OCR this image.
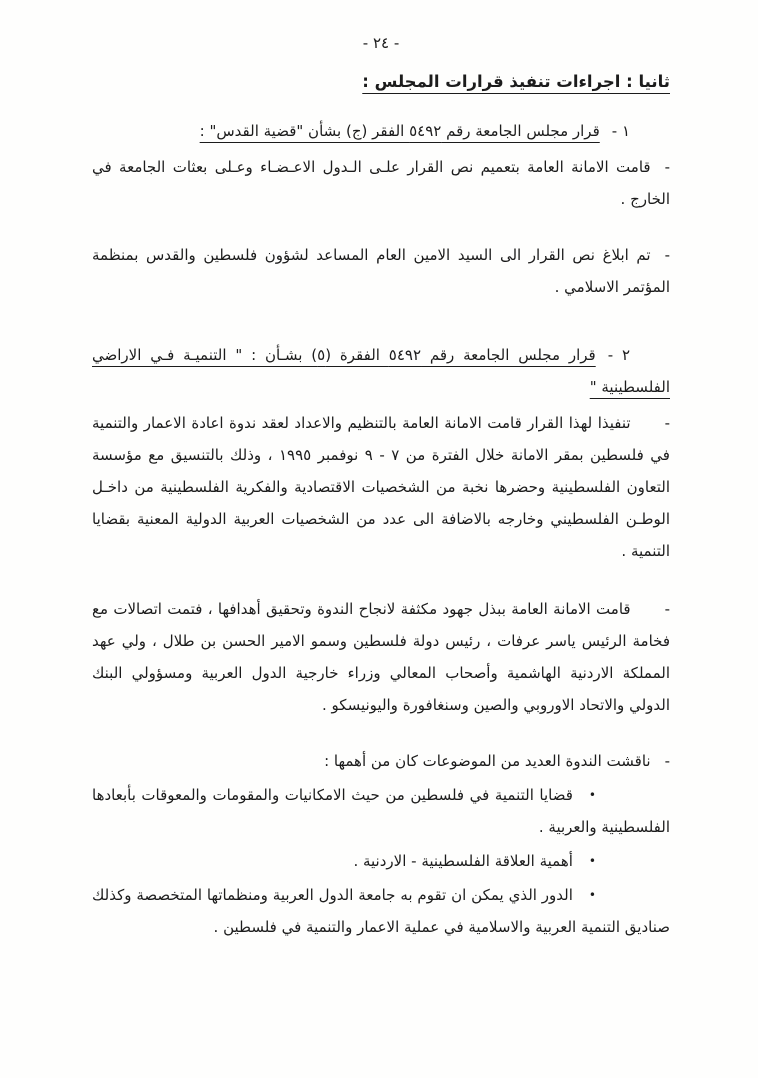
- ٢٤ -
ثانيا : اجراءات تنفيذ قرارات المجلس :
١ -قرار مجلس الجامعة رقم ٥٤٩٢ الفقر (ج) بشأن "قضية القدس" :
-قامت الامانة العامة بتعميم نص القرار علـى الـدول الاعـضـاء وعـلى بعثات الجامعة في الخارج .
-تم ابلاغ نص القرار الى السيد الامين العام المساعد لشؤون فلسطين والقدس بمنظمة المؤتمر الاسلامي .
٢ -قرار مجلس الجامعة رقم ٥٤٩٢ الفقرة (٥) بشـأن : " التنميـة فـي الاراضي الفلسطينية "
-تنفيذا لهذا القرار قامت الامانة العامة بالتنظيم والاعداد لعقد ندوة اعادة الاعمار والتنمية في فلسطين بمقر الامانة خلال الفترة من ٧ - ٩ نوفمبر ١٩٩٥ ، وذلك بالتنسيق مع مؤسسة التعاون الفلسطينية وحضرها نخبة من الشخصيات الاقتصادية والفكرية الفلسطينية من داخـل الوطـن الفلسطيني وخارجه بالاضافة الى عدد من الشخصيات العربية الدولية المعنية بقضايا التنمية .
-قامت الامانة العامة ببذل جهود مكثفة لانجاح الندوة وتحقيق أهدافها ، فتمت اتصالات مع فخامة الرئيس ياسر عرفات ، رئيس دولة فلسطين وسمو الامير الحسن بن طلال ، ولي عهد المملكة الاردنية الهاشمية وأصحاب المعالي وزراء خارجية الدول العربية ومسؤولي البنك الدولي والاتحاد الاوروبي والصين وسنغافورة واليونيسكو .
-ناقشت الندوة العديد من الموضوعات كان من أهمها :
•قضايا التنمية في فلسطين من حيث الامكانيات والمقومات والمعوقات بأبعادها الفلسطينية والعربية .
•أهمية العلاقة الفلسطينية - الاردنية .
•الدور الذي يمكن ان تقوم به جامعة الدول العربية ومنظماتها المتخصصة وكذلك صناديق التنمية العربية والاسلامية في عملية الاعمار والتنمية في فلسطين .
